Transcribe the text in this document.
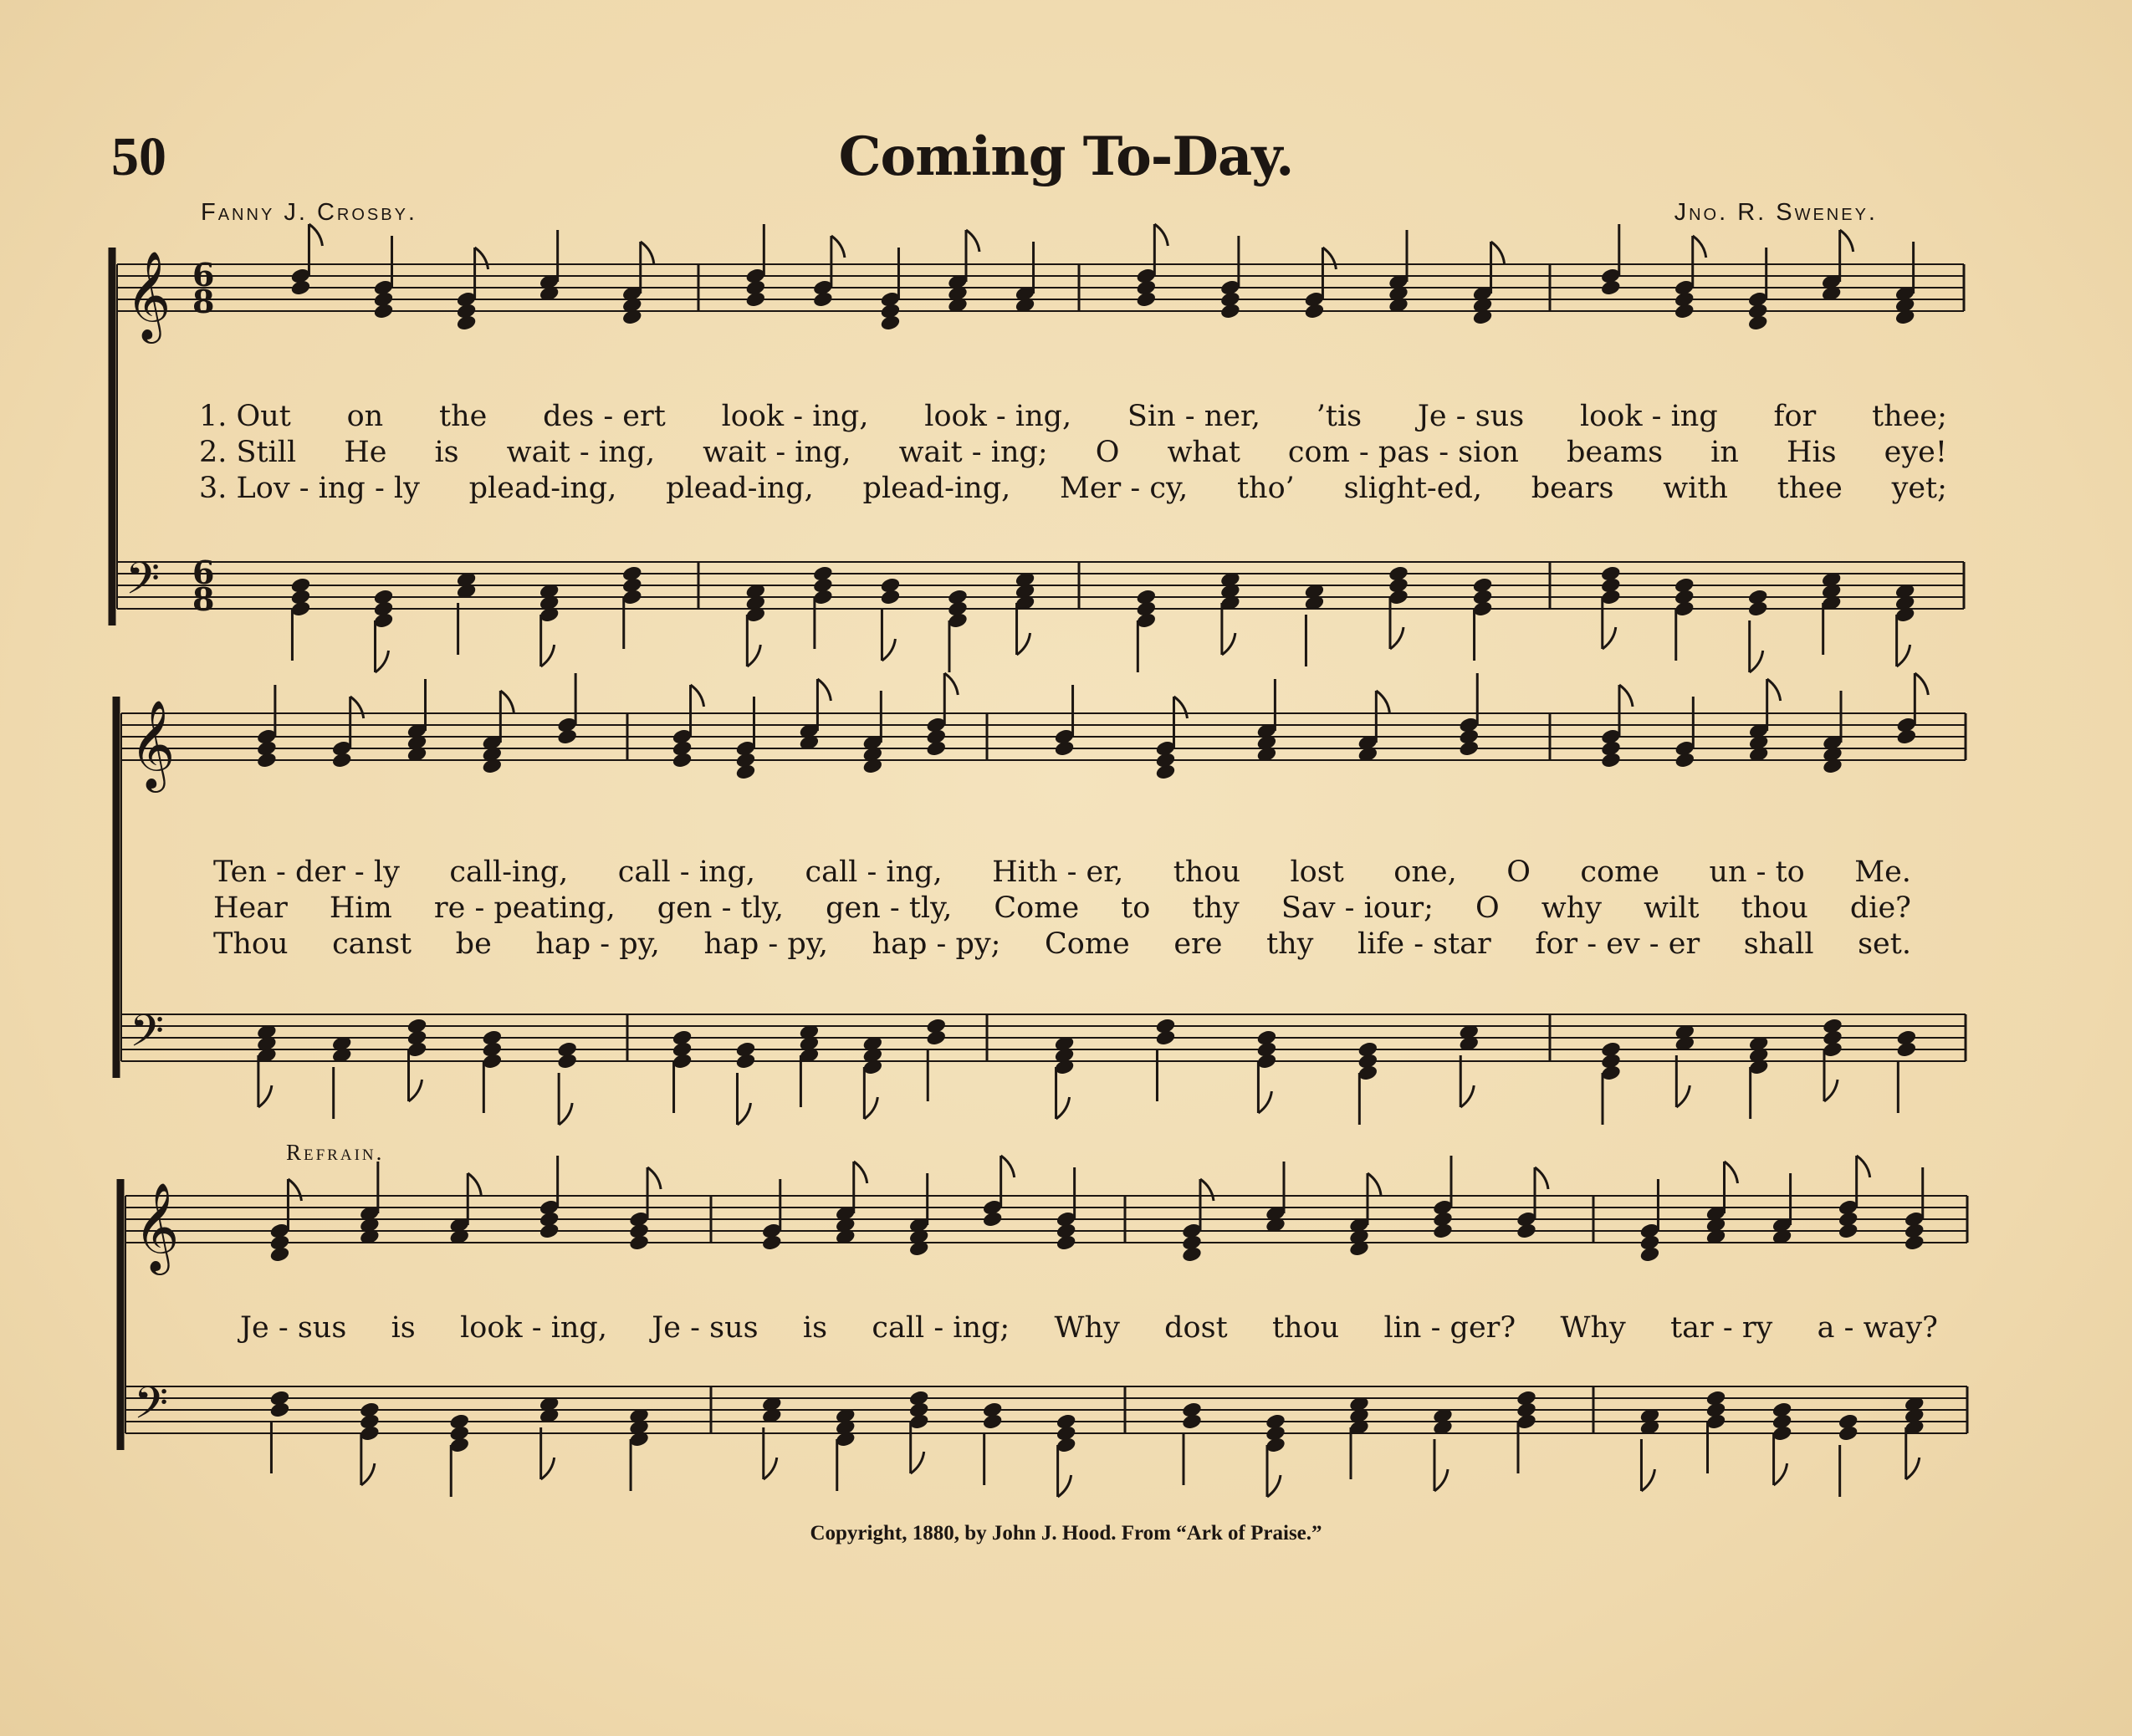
50	Coming To-Day.
Fanny J. Crosby.	Jno. R. Sweney.
𝄞
𝄢
6
8
6
8
𝄞
𝄢
𝄞
𝄢
1. Out on the des - ert look - ing, look - ing, Sin - ner, ’tis Je - sus look - ing for thee;
2. Still He is wait - ing, wait - ing, wait - ing; O what com - pas - sion beams in His eye!
3. Lov - ing - ly plead-ing, plead-ing, plead-ing, Mer - cy, tho’ slight-ed, bears with thee yet;
Ten - der - ly call-ing, call - ing, call - ing, Hith - er, thou lost one, O come un - to Me.
Hear Him re - peating, gen - tly, gen - tly, Come to thy Sav - iour; O why wilt thou die?
Thou canst be hap - py, hap - py, hap - py; Come ere thy life - star for - ev - er shall set.
Refrain.
Je - sus is look - ing, Je - sus is call - ing; Why dost thou lin - ger? Why tar - ry a - way?
Copyright, 1880, by John J. Hood. From “Ark of Praise.”
